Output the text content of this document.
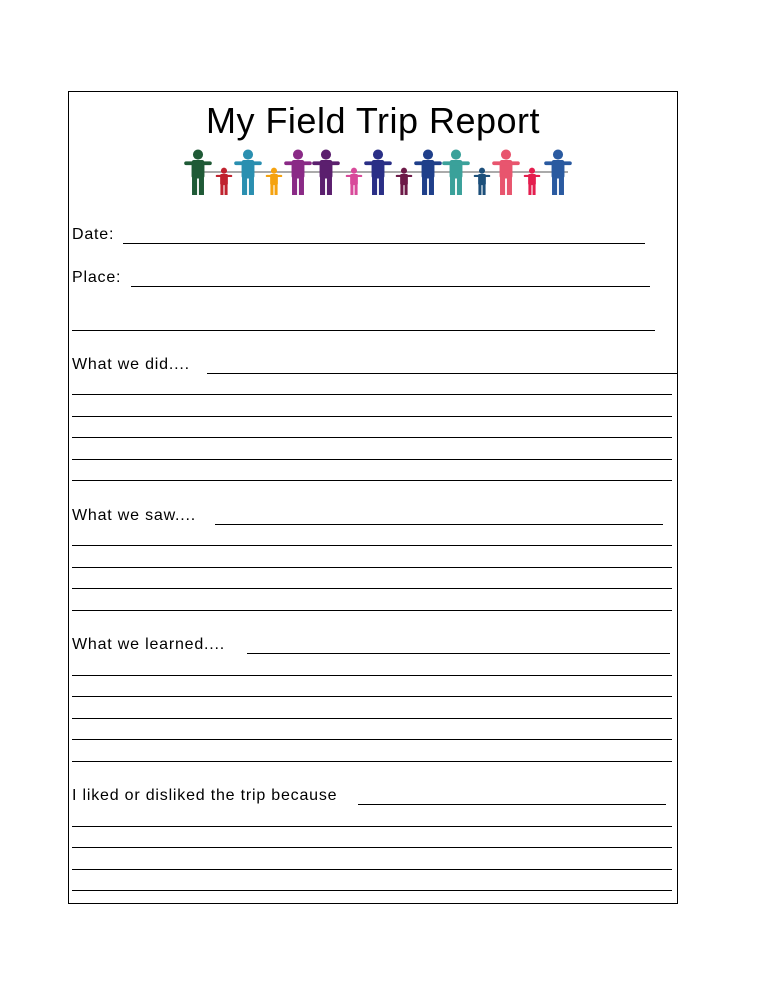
My Field Trip Report
Date:
Place:
What we did....
What we saw....
What we learned....
I liked or disliked the trip because
